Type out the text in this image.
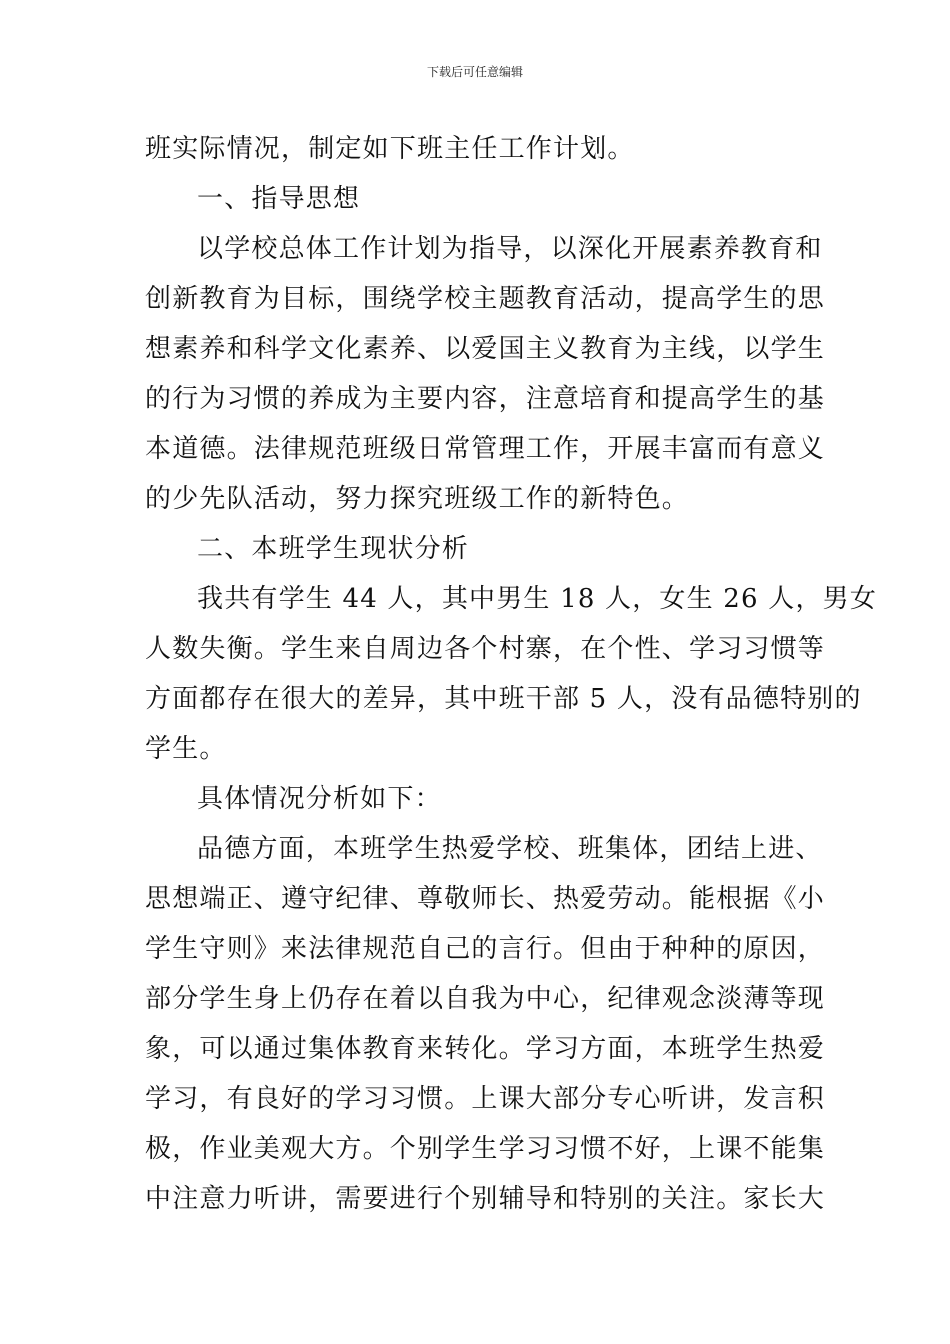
下载后可任意编辑
班实际情况，制定如下班主任工作计划。
一、指导思想
以学校总体工作计划为指导，以深化开展素养教育和
创新教育为目标，围绕学校主题教育活动，提高学生的思
想素养和科学文化素养、以爱国主义教育为主线，以学生
的行为习惯的养成为主要内容，注意培育和提高学生的基
本道德。法律规范班级日常管理工作，开展丰富而有意义
的少先队活动，努力探究班级工作的新特色。
二、本班学生现状分析
我共有学生 44 人，其中男生 18 人，女生 26 人，男女
人数失衡。学生来自周边各个村寨，在个性、学习习惯等
方面都存在很大的差异，其中班干部 5 人，没有品德特别的
学生。
具体情况分析如下：
品德方面，本班学生热爱学校、班集体，团结上进、
思想端正、遵守纪律、尊敬师长、热爱劳动。能根据《小
学生守则》来法律规范自己的言行。但由于种种的原因，
部分学生身上仍存在着以自我为中心，纪律观念淡薄等现
象，可以通过集体教育来转化。学习方面，本班学生热爱
学习，有良好的学习习惯。上课大部分专心听讲，发言积
极，作业美观大方。个别学生学习习惯不好，上课不能集
中注意力听讲，需要进行个别辅导和特别的关注。家长大
